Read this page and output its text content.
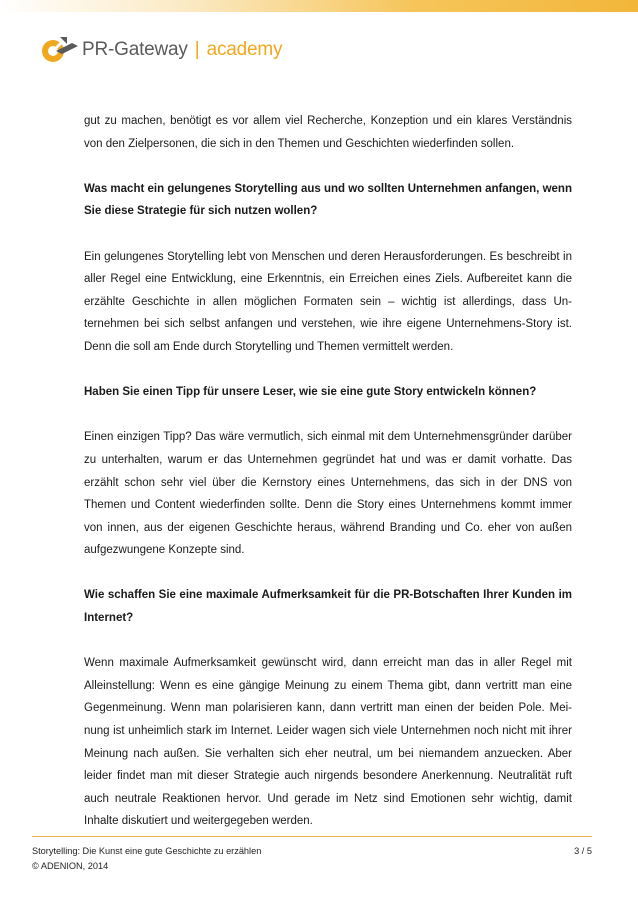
PR-Gateway | academy

gut zu machen, benötigt es vor allem viel Recherche, Konzeption und ein klares Verständnis von den Zielpersonen, die sich in den Themen und Geschichten wiederfinden sollen.

Was macht ein gelungenes Storytelling aus und wo sollten Unternehmen anfangen, wenn Sie diese Strategie für sich nutzen wollen?

Ein gelungenes Storytelling lebt von Menschen und deren Herausforderungen. Es beschreibt in aller Regel eine Entwicklung, eine Erkenntnis, ein Erreichen eines Ziels. Aufbereitet kann die erzählte Geschichte in allen möglichen Formaten sein – wichtig ist allerdings, dass Unternehmen bei sich selbst anfangen und verstehen, wie ihre eigene Unternehmens-Story ist. Denn die soll am Ende durch Storytelling und Themen vermittelt werden.

Haben Sie einen Tipp für unsere Leser, wie sie eine gute Story entwickeln können?

Einen einzigen Tipp? Das wäre vermutlich, sich einmal mit dem Unternehmensgründer darüber zu unterhalten, warum er das Unternehmen gegründet hat und was er damit vorhatte. Das erzählt schon sehr viel über die Kernstory eines Unternehmens, das sich in der DNS von Themen und Content wiederfinden sollte. Denn die Story eines Unternehmens kommt immer von innen, aus der eigenen Geschichte heraus, während Branding und Co. eher von außen aufgezwungene Konzepte sind.

Wie schaffen Sie eine maximale Aufmerksamkeit für die PR-Botschaften Ihrer Kunden im Internet?

Wenn maximale Aufmerksamkeit gewünscht wird, dann erreicht man das in aller Regel mit Alleinstellung: Wenn es eine gängige Meinung zu einem Thema gibt, dann vertritt man eine Gegenmeinung. Wenn man polarisieren kann, dann vertritt man einen der beiden Pole. Meinung ist unheimlich stark im Internet. Leider wagen sich viele Unternehmen noch nicht mit ihrer Meinung nach außen. Sie verhalten sich eher neutral, um bei niemandem anzuecken. Aber leider findet man mit dieser Strategie auch nirgends besondere Anerkennung. Neutralität ruft auch neutrale Reaktionen hervor. Und gerade im Netz sind Emotionen sehr wichtig, damit Inhalte diskutiert und weitergegeben werden.

Storytelling: Die Kunst eine gute Geschichte zu erzählen	3 / 5
© ADENION, 2014
